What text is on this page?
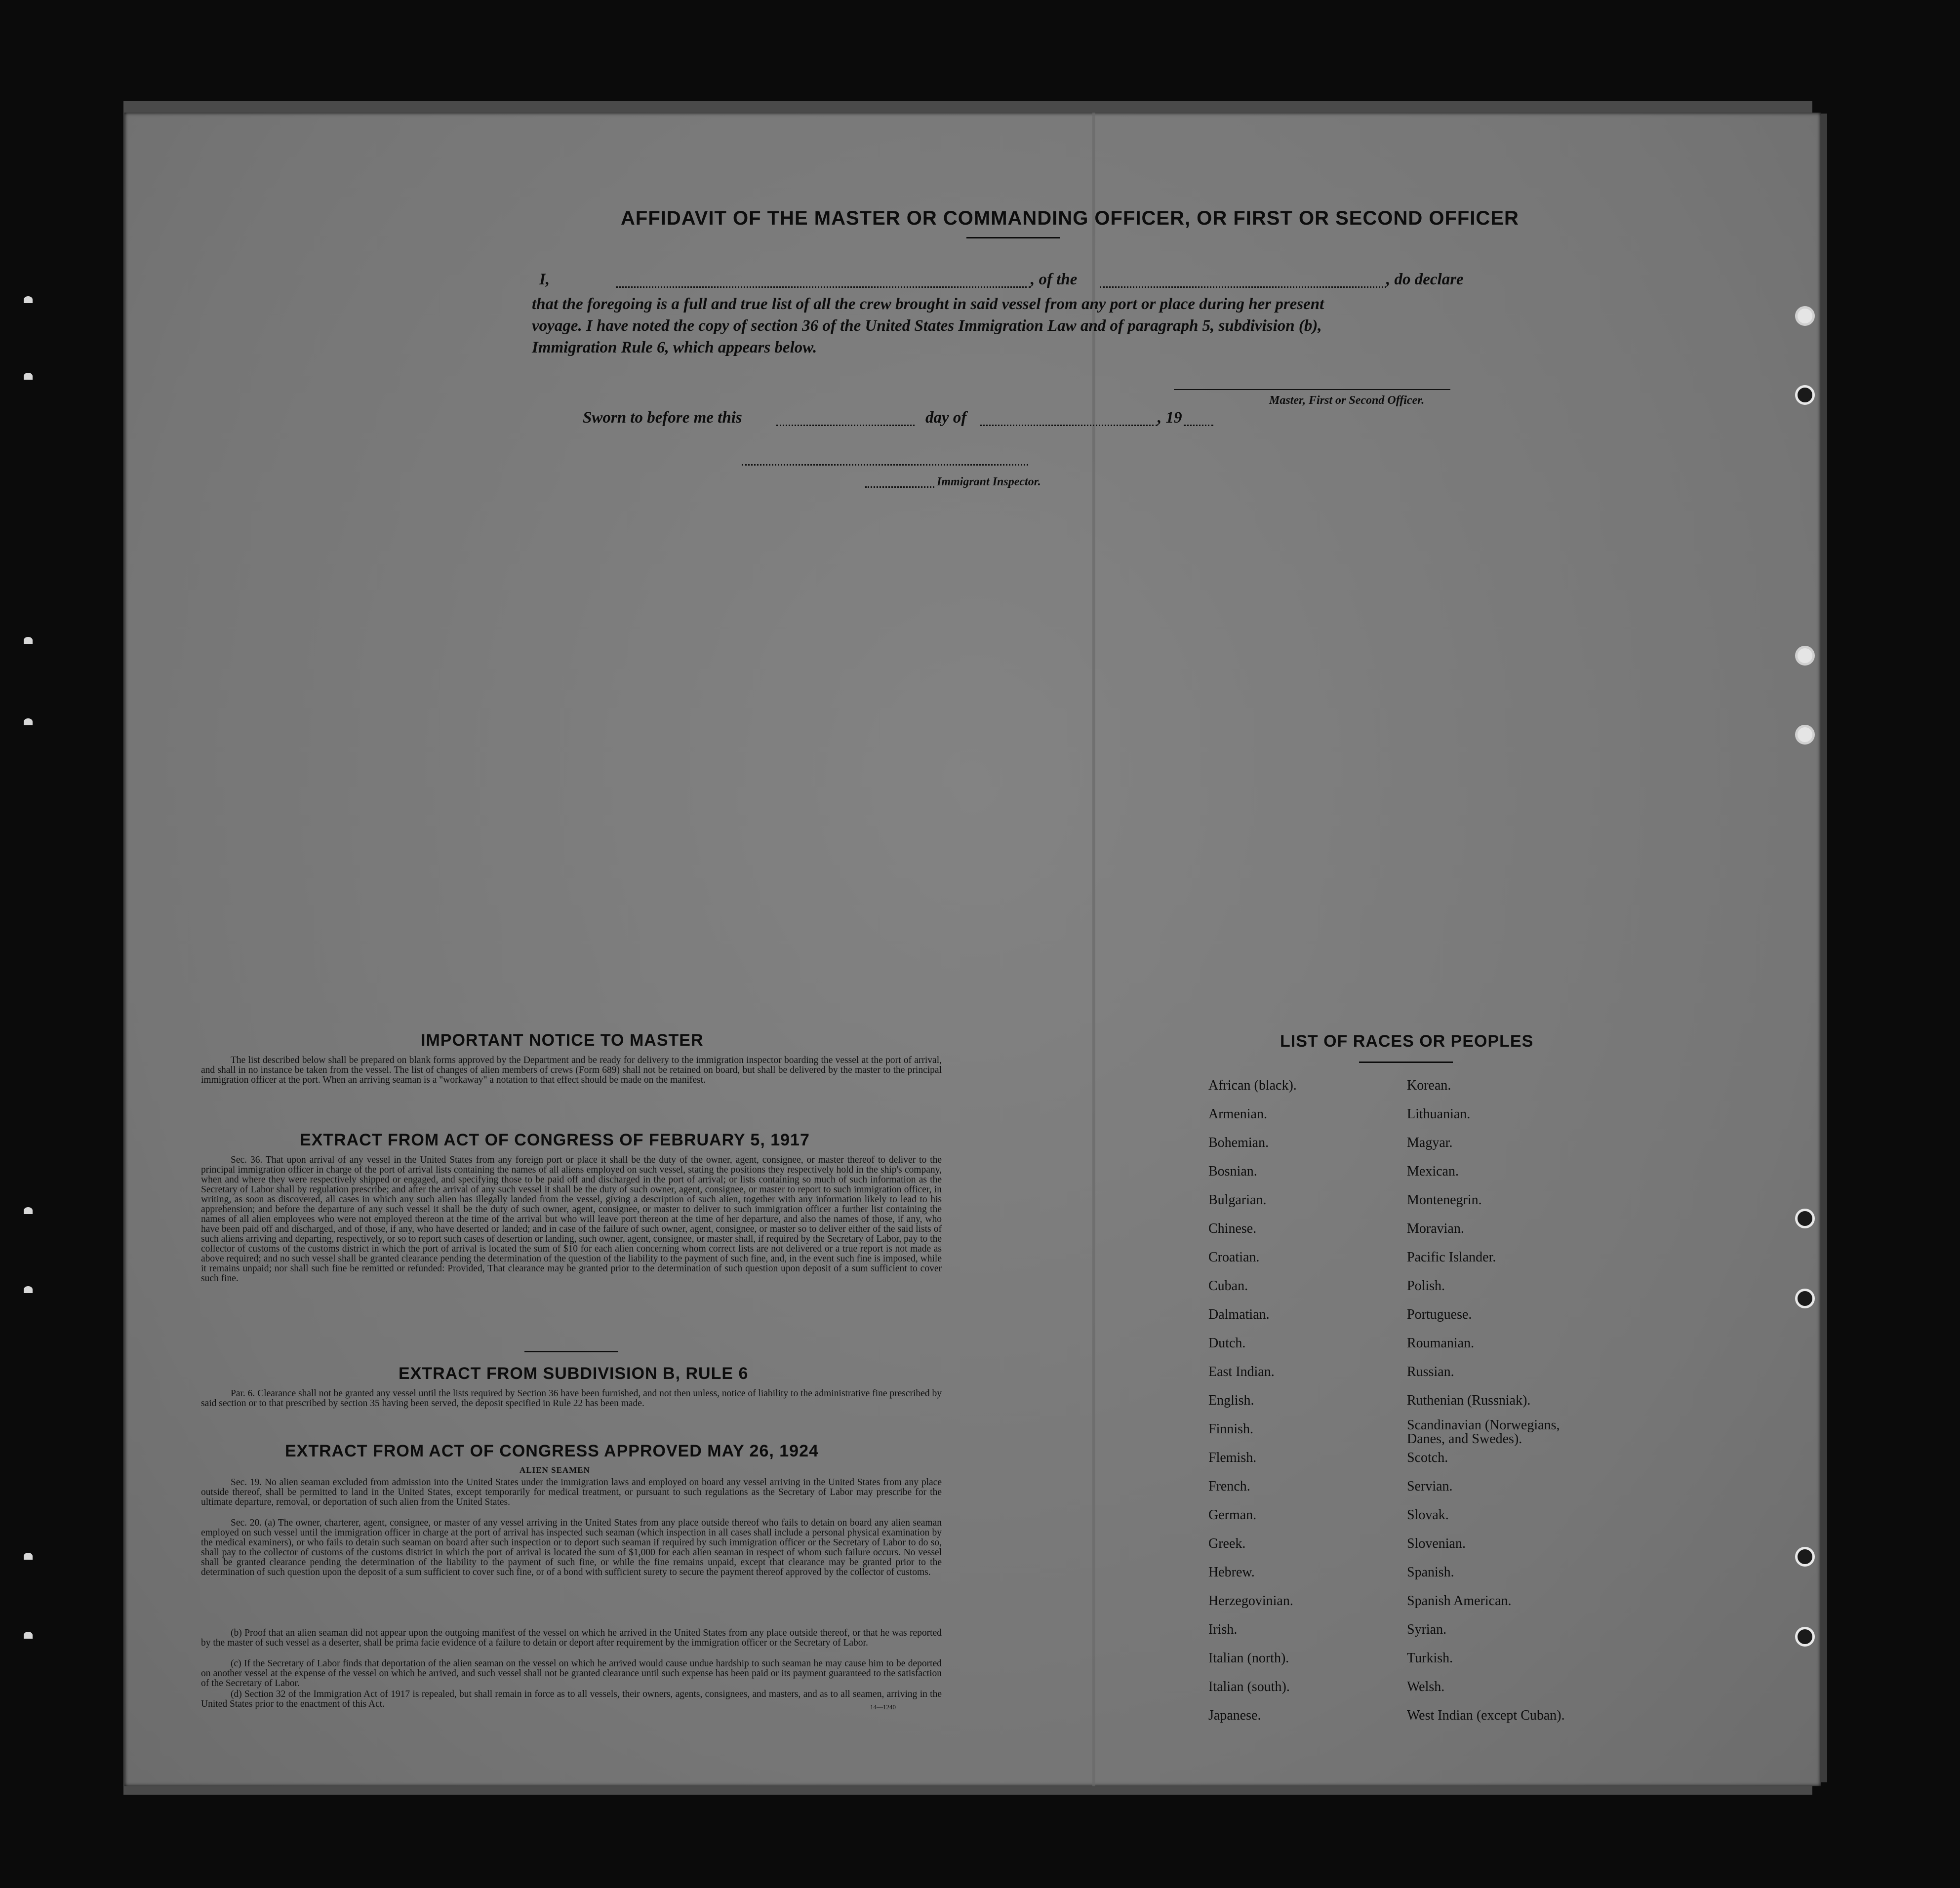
AFFIDAVIT OF THE MASTER OR COMMANDING OFFICER, OR FIRST OR SECOND OFFICER
I,	, of the	, do declare
that the foregoing is a full and true list of all the crew brought in said vessel from any port or place during her present
voyage. I have noted the copy of section 36 of the United States Immigration Law and of paragraph 5, subdivision (b),
Immigration Rule 6, which appears below.
Master, First or Second Officer.
Sworn to before me this	day of	, 19
Immigrant Inspector.
IMPORTANT NOTICE TO MASTER
The list described below shall be prepared on blank forms approved by the Department and be ready for delivery to the immigration inspector boarding the vessel at the port of arrival, and shall in no instance be taken from the vessel. The list of changes of alien members of crews (Form 689) shall not be retained on board, but shall be delivered by the master to the principal immigration officer at the port. When an arriving seaman is a "workaway" a notation to that effect should be made on the manifest.
EXTRACT FROM ACT OF CONGRESS OF FEBRUARY 5, 1917
Sec. 36. That upon arrival of any vessel in the United States from any foreign port or place it shall be the duty of the owner, agent, consignee, or master thereof to deliver to the principal immigration officer in charge of the port of arrival lists containing the names of all aliens employed on such vessel, stating the positions they respectively hold in the ship's company, when and where they were respectively shipped or engaged, and specifying those to be paid off and discharged in the port of arrival; or lists containing so much of such information as the Secretary of Labor shall by regulation prescribe; and after the arrival of any such vessel it shall be the duty of such owner, agent, consignee, or master to report to such immigration officer, in writing, as soon as discovered, all cases in which any such alien has illegally landed from the vessel, giving a description of such alien, together with any information likely to lead to his apprehension; and before the departure of any such vessel it shall be the duty of such owner, agent, consignee, or master to deliver to such immigration officer a further list containing the names of all alien employees who were not employed thereon at the time of the arrival but who will leave port thereon at the time of her departure, and also the names of those, if any, who have been paid off and discharged, and of those, if any, who have deserted or landed; and in case of the failure of such owner, agent, consignee, or master so to deliver either of the said lists of such aliens arriving and departing, respectively, or so to report such cases of desertion or landing, such owner, agent, consignee, or master shall, if required by the Secretary of Labor, pay to the collector of customs of the customs district in which the port of arrival is located the sum of $10 for each alien concerning whom correct lists are not delivered or a true report is not made as above required; and no such vessel shall be granted clearance pending the determination of the question of the liability to the payment of such fine, and, in the event such fine is imposed, while it remains unpaid; nor shall such fine be remitted or refunded: Provided, That clearance may be granted prior to the determination of such question upon deposit of a sum sufficient to cover such fine.
EXTRACT FROM SUBDIVISION B, RULE 6
Par. 6. Clearance shall not be granted any vessel until the lists required by Section 36 have been furnished, and not then unless, notice of liability to the administrative fine prescribed by said section or to that prescribed by section 35 having been served, the deposit specified in Rule 22 has been made.
EXTRACT FROM ACT OF CONGRESS APPROVED MAY 26, 1924
ALIEN SEAMEN
Sec. 19. No alien seaman excluded from admission into the United States under the immigration laws and employed on board any vessel arriving in the United States from any place outside thereof, shall be permitted to land in the United States, except temporarily for medical treatment, or pursuant to such regulations as the Secretary of Labor may prescribe for the ultimate departure, removal, or deportation of such alien from the United States.
Sec. 20. (a) The owner, charterer, agent, consignee, or master of any vessel arriving in the United States from any place outside thereof who fails to detain on board any alien seaman employed on such vessel until the immigration officer in charge at the port of arrival has inspected such seaman (which inspection in all cases shall include a personal physical examination by the medical examiners), or who fails to detain such seaman on board after such inspection or to deport such seaman if required by such immigration officer or the Secretary of Labor to do so, shall pay to the collector of customs of the customs district in which the port of arrival is located the sum of $1,000 for each alien seaman in respect of whom such failure occurs. No vessel shall be granted clearance pending the determination of the liability to the payment of such fine, or while the fine remains unpaid, except that clearance may be granted prior to the determination of such question upon the deposit of a sum sufficient to cover such fine, or of a bond with sufficient surety to secure the payment thereof approved by the collector of customs.
(b) Proof that an alien seaman did not appear upon the outgoing manifest of the vessel on which he arrived in the United States from any place outside thereof, or that he was reported by the master of such vessel as a deserter, shall be prima facie evidence of a failure to detain or deport after requirement by the immigration officer or the Secretary of Labor.
(c) If the Secretary of Labor finds that deportation of the alien seaman on the vessel on which he arrived would cause undue hardship to such seaman he may cause him to be deported on another vessel at the expense of the vessel on which he arrived, and such vessel shall not be granted clearance until such expense has been paid or its payment guaranteed to the satisfaction of the Secretary of Labor.
(d) Section 32 of the Immigration Act of 1917 is repealed, but shall remain in force as to all vessels, their owners, agents, consignees, and masters, and as to all seamen, arriving in the United States prior to the enactment of this Act.	14—1240
LIST OF RACES OR PEOPLES
African (black).
Armenian.
Bohemian.
Bosnian.
Bulgarian.
Chinese.
Croatian.
Cuban.
Dalmatian.
Dutch.
East Indian.
English.
Finnish.
Flemish.
French.
German.
Greek.
Hebrew.
Herzegovinian.
Irish.
Italian (north).
Italian (south).
Japanese.
Korean.
Lithuanian.
Magyar.
Mexican.
Montenegrin.
Moravian.
Pacific Islander.
Polish.
Portuguese.
Roumanian.
Russian.
Ruthenian (Russniak).
Scandinavian (Norwegians, Danes, and Swedes).
Scotch.
Servian.
Slovak.
Slovenian.
Spanish.
Spanish American.
Syrian.
Turkish.
Welsh.
West Indian (except Cuban).
